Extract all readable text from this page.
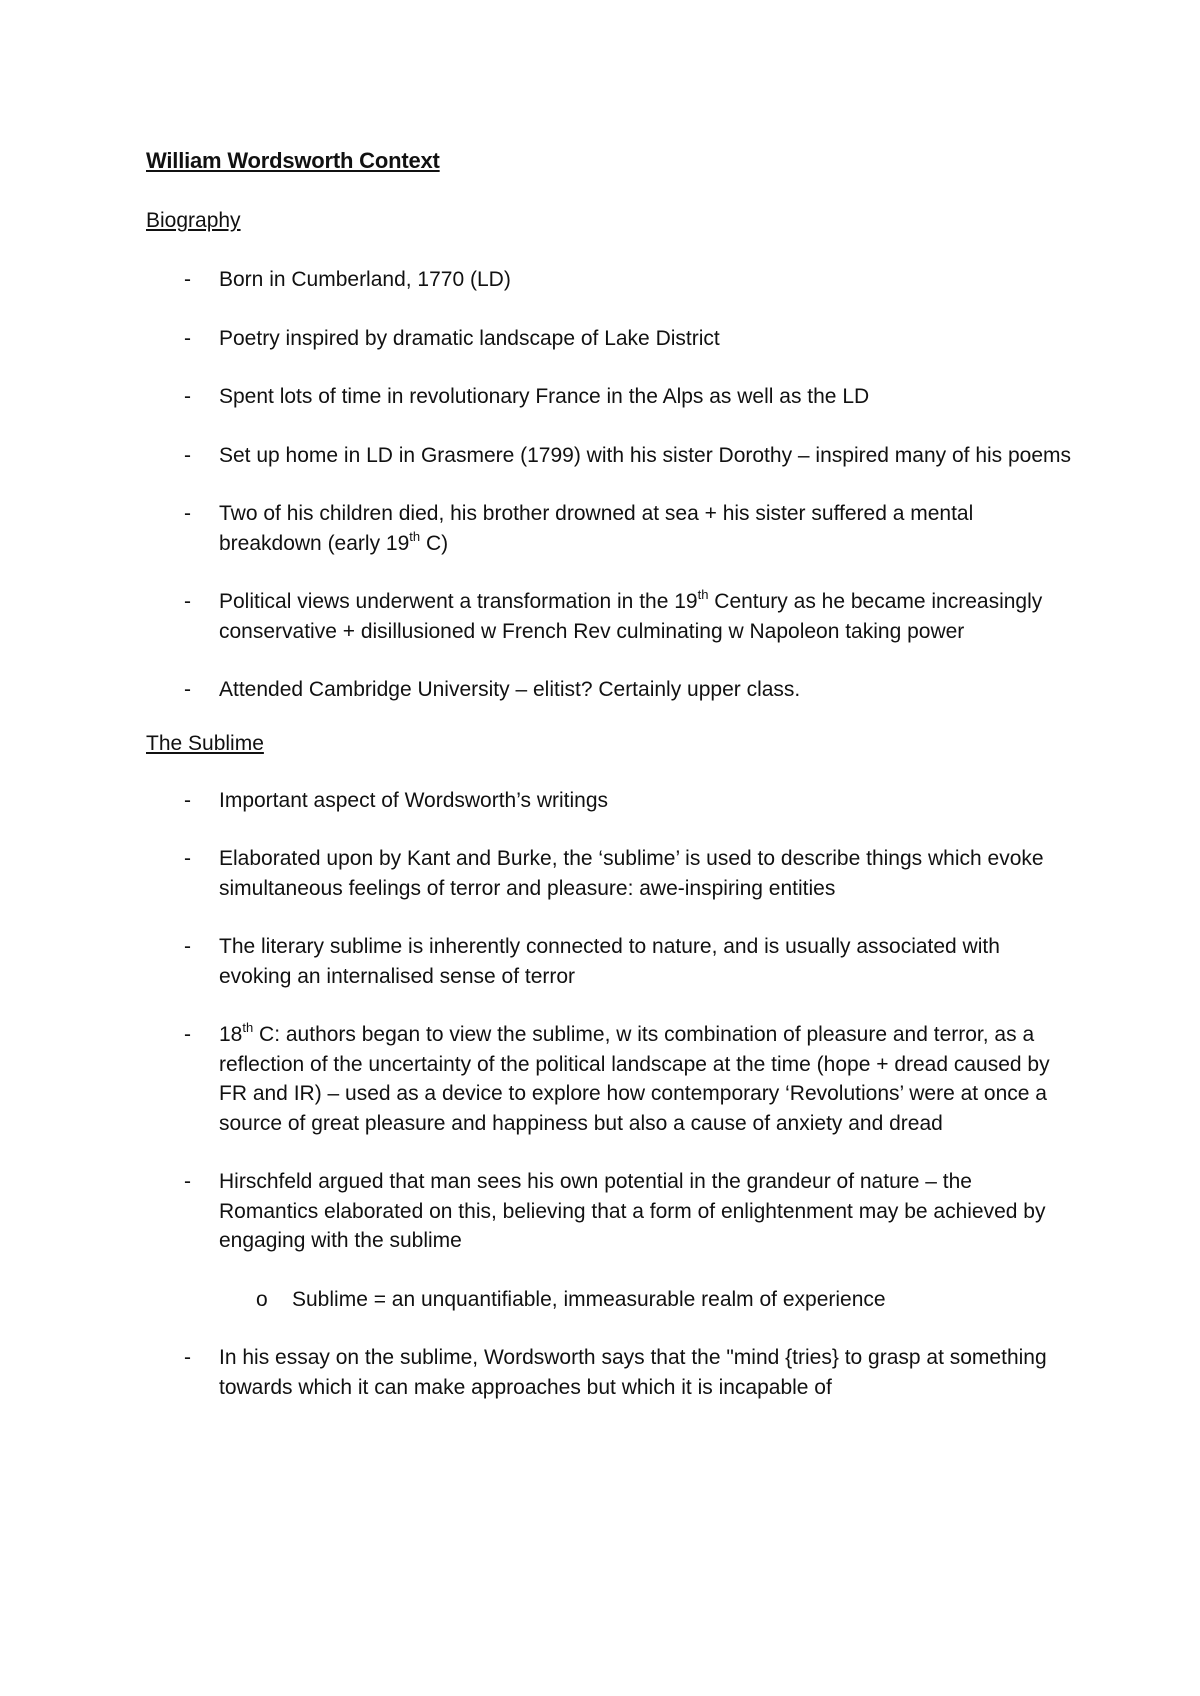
William Wordsworth Context
Biography
- Born in Cumberland, 1770 (LD)
- Poetry inspired by dramatic landscape of Lake District
- Spent lots of time in revolutionary France in the Alps as well as the LD
- Set up home in LD in Grasmere (1799) with his sister Dorothy – inspired many of his poems
- Two of his children died, his brother drowned at sea + his sister suffered a mental breakdown (early 19th C)
- Political views underwent a transformation in the 19th Century as he became increasingly conservative + disillusioned w French Rev culminating w Napoleon taking power
- Attended Cambridge University – elitist? Certainly upper class.
The Sublime
- Important aspect of Wordsworth’s writings
- Elaborated upon by Kant and Burke, the ‘sublime’ is used to describe things which evoke simultaneous feelings of terror and pleasure: awe-inspiring entities
- The literary sublime is inherently connected to nature, and is usually associated with evoking an internalised sense of terror
- 18th C: authors began to view the sublime, w its combination of pleasure and terror, as a reflection of the uncertainty of the political landscape at the time (hope + dread caused by FR and IR) – used as a device to explore how contemporary ‘Revolutions’ were at once a source of great pleasure and happiness but also a cause of anxiety and dread
- Hirschfeld argued that man sees his own potential in the grandeur of nature – the Romantics elaborated on this, believing that a form of enlightenment may be achieved by engaging with the sublime
o Sublime = an unquantifiable, immeasurable realm of experience
- In his essay on the sublime, Wordsworth says that the "mind {tries} to grasp at something towards which it can make approaches but which it is incapable of
